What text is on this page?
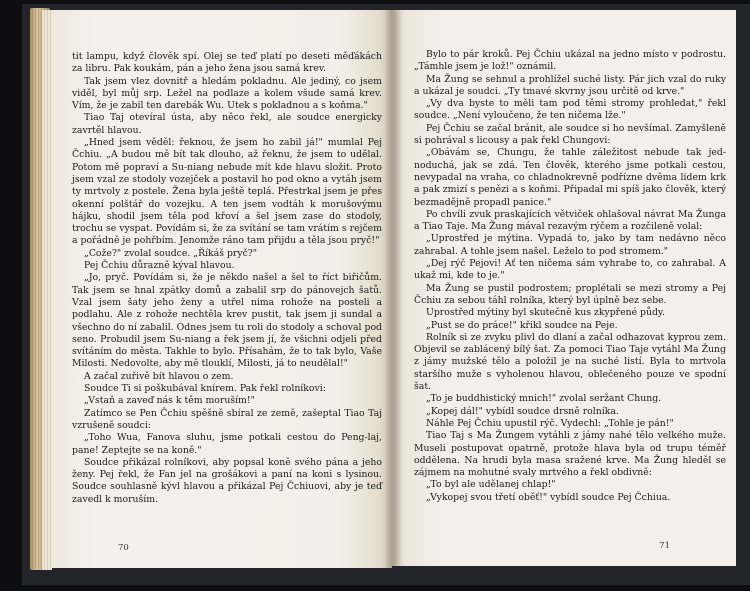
tit lampu, když člověk spí. Olej se teď platí po deseti měďákách za libru. Pak koukám, pán a jeho žena jsou samá krev.

Tak jsem vlez dovnitř a hledám pokladnu. Ale jediný, co jsem viděl, byl můj srp. Ležel na podlaze a kolem všude samá krev. Vím, že je zabil ten darebák Wu. Utek s pokladnou a s koňma."

Tiao Taj otevíral ústa, aby něco řekl, ale soudce energicky zavrtěl hlavou.

„Hned jsem věděl: řeknou, že jsem ho zabil já!" mumlal Pej Čchiu. „A budou mě bít tak dlouho, až řeknu, že jsem to udělal. Potom mě popraví a Su-niang nebude mít kde hlavu složit. Proto jsem vzal ze stodoly vozejček a postavil ho pod okno a vytáh jsem ty mrtvoly z postele. Žena byla ještě teplá. Přestrkal jsem je přes okenní polštář do vozejku. A ten jsem vodtáh k morušovýmu hájku, shodil jsem těla pod křoví a šel jsem zase do stodoly, trochu se vyspat. Povídám si, že za svítání se tam vrátím s rejčem a pořádně je pohřbím. Jenomže ráno tam přijdu a těla jsou pryč!"

„Cože?" zvolal soudce. „Říkáš pryč?"

Pej Čchiu důrazně kýval hlavou.

„Jo, pryč. Povídám si, že je někdo našel a šel to říct biřičům. Tak jsem se hnal zpátky domů a zabalil srp do pánovejch šatů. Vzal jsem šaty jeho ženy a utřel nima rohože na posteli a podlahu. Ale z rohože nechtěla krev pustit, tak jsem ji sundal a všechno do ní zabalil. Odnes jsem tu roli do stodoly a schoval pod seno. Probudil jsem Su-niang a řek jsem jí, že všichni odjeli před svítáním do města. Takhle to bylo. Přísahám, že to tak bylo, Vaše Milosti. Nedovolte, aby mě tlouklí, Milosti, já to neudělal!"

A začal zuřivě bít hlavou o zem.

Soudce Ti si poškubával knírem. Pak řekl rolníkovi:

„Vstaň a zaveď nás k těm moruším!"

Zatímco se Pen Čchiu spěšně sbíral ze země, zašeptal Tiao Taj vzrušeně soudci:

„Toho Wua, Fanova sluhu, jsme potkali cestou do Peng-laj, pane! Zeptejte se na koně."

Soudce přikázal rolníkovi, aby popsal koně svého pána a jeho ženy. Pej řekl, že Fan jel na grošákovi a paní na koni s lysinou. Soudce souhlasně kývl hlavou a přikázal Pej Čchiuovi, aby je teď zavedl k moruším.

70

Bylo to pár kroků. Pej Čchiu ukázal na jedno místo v podrostu. „Támhle jsem je lož!" oznámil.

Ma Žung se sehnul a prohlížel suché listy. Pár jich vzal do ruky a ukázal je soudci. „Ty tmavé skvrny jsou určitě od krve."

„Vy dva byste to měli tam pod těmi stromy prohledat," řekl soudce. „Není vyloučeno, že ten ničema lže."

Pej Čchiu se začal bránit, ale soudce si ho nevšímal. Zamyšleně si pohrával s licousy a pak řekl Chungovi:

„Obávám se, Chungu, že tahle záležitost nebude tak jednoduchá, jak se zdá. Ten člověk, kterého jsme potkali cestou, nevypadal na vraha, co chladnokrevně podřízne dvěma lidem krk a pak zmizí s penězi a s koňmi. Připadal mi spíš jako člověk, který bezmadějně propadl panice."

Po chvíli zvuk praskajících větviček ohlašoval návrat Ma Žunga a Tiao Taje. Ma Žung mával rezavým rýčem a rozčileně volal:

„Uprostřed je mýtina. Vypadá to, jako by tam nedávno něco zahrabal. A tohle jsem našel. Leželo to pod stromem."

„Dej rýč Pejovi! Ať ten ničema sám vyhrabe to, co zahrabal. A ukaž mi, kde to je."

Ma Žung se pustil podrostem; proplétali se mezi stromy a Pej Čchiu za sebou táhl rolníka, který byl úplně bez sebe.

Uprostřed mýtiny byl skutečně kus zkypřené půdy.

„Pust se do práce!" křikl soudce na Peje.

Rolník si ze zvyku plivl do dlaní a začal odhazovat kyprou zem. Objevil se zablácený bílý šat. Za pomoci Tiao Taje vytáhl Ma Žung z jámy mužské tělo a položil je na suché listí. Byla to mrtvola staršího muže s vyholenou hlavou, oblečeného pouze ve spodní šat.

„To je buddhistický mnich!" zvolal seržant Chung.

„Kopej dál!" vybídl soudce drsně rolníka.

Náhle Pej Čchiu upustil rýč. Vydechl: „Tohle je pán!"

Tiao Taj s Ma Žungem vytáhli z jámy nahé tělo velkého muže. Museli postupovat opatrně, protože hlava byla od trupu téměř oddělena. Na hrudi byla masa sražené krve. Ma Žung hleděl se zájmem na mohutné svaly mrtvého a řekl obdivně:

„To byl ale udělanej chlap!"

„Vykopej svou třetí oběť!" vybídl soudce Pej Čchiua.

71
